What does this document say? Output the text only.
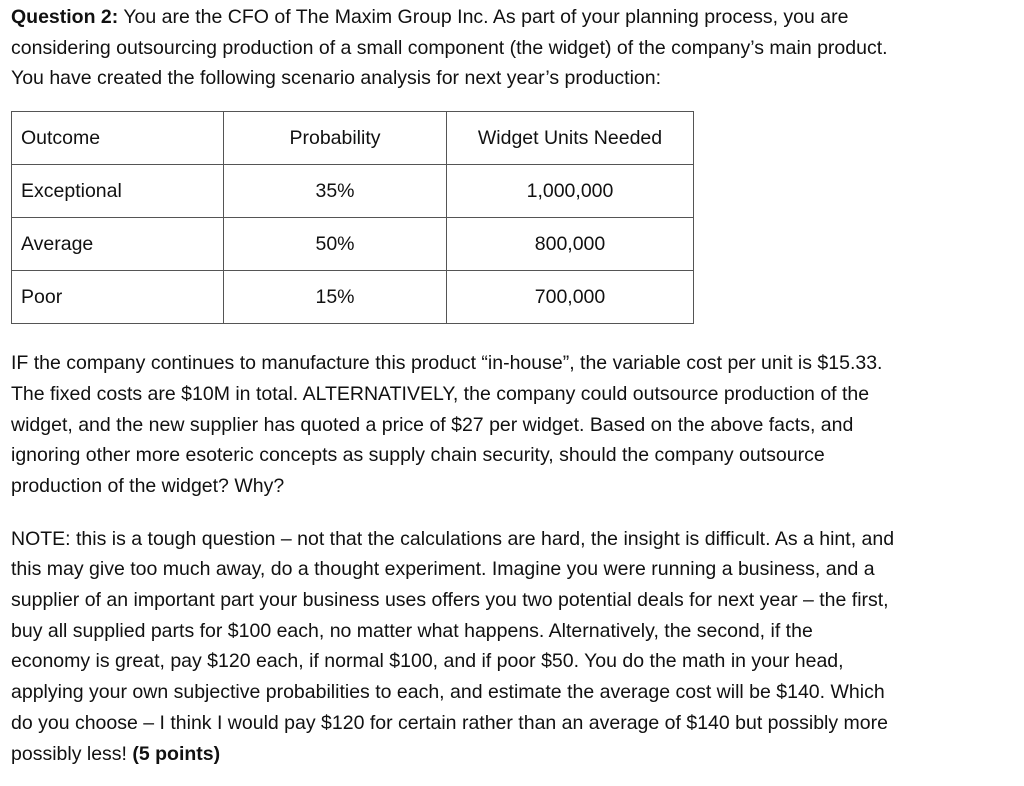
Question 2: You are the CFO of The Maxim Group Inc. As part of your planning process, you are
considering outsourcing production of a small component (the widget) of the company’s main product.
You have created the following scenario analysis for next year’s production:

Outcome	Probability	Widget Units Needed
Exceptional	35%	1,000,000
Average	50%	800,000
Poor	15%	700,000

IF the company continues to manufacture this product “in-house”, the variable cost per unit is $15.33.
The fixed costs are $10M in total. ALTERNATIVELY, the company could outsource production of the
widget, and the new supplier has quoted a price of $27 per widget. Based on the above facts, and
ignoring other more esoteric concepts as supply chain security, should the company outsource
production of the widget? Why?

NOTE: this is a tough question – not that the calculations are hard, the insight is difficult. As a hint, and
this may give too much away, do a thought experiment. Imagine you were running a business, and a
supplier of an important part your business uses offers you two potential deals for next year – the first,
buy all supplied parts for $100 each, no matter what happens. Alternatively, the second, if the
economy is great, pay $120 each, if normal $100, and if poor $50. You do the math in your head,
applying your own subjective probabilities to each, and estimate the average cost will be $140. Which
do you choose – I think I would pay $120 for certain rather than an average of $140 but possibly more
possibly less! (5 points)
